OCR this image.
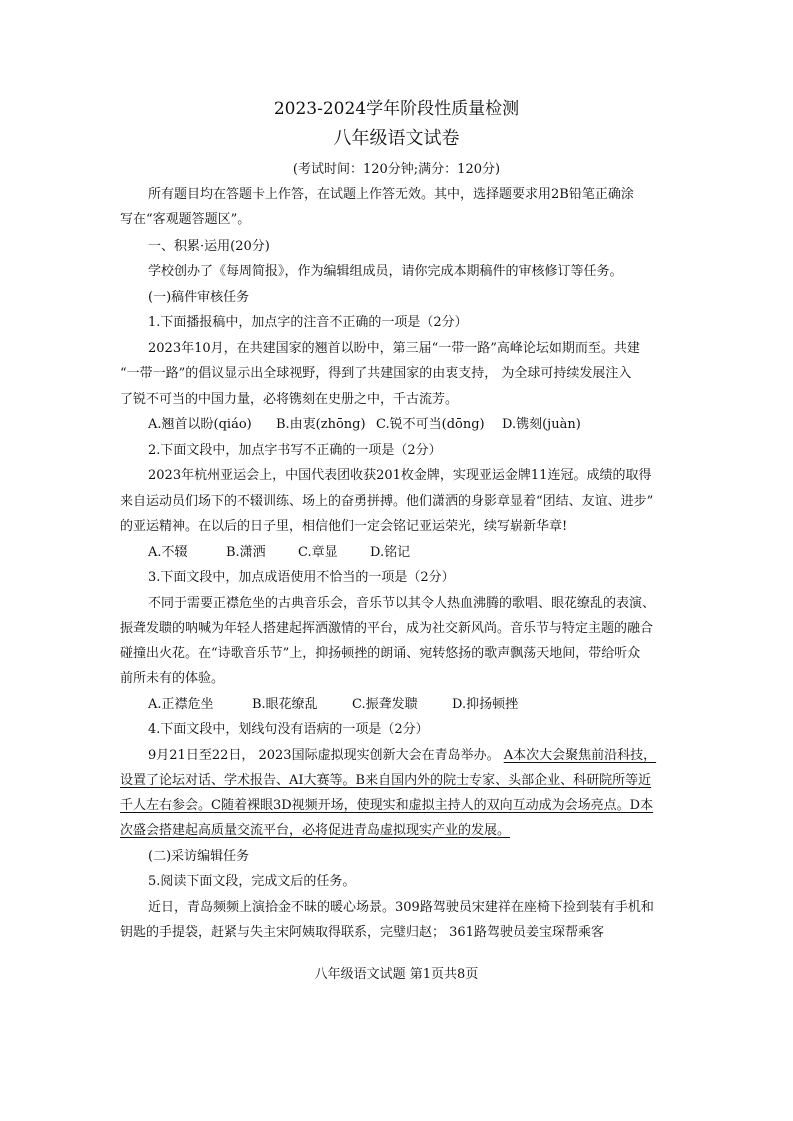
2023-2024学年阶段性质量检测
八年级语文试卷
(考试时间：120分钟;满分：120分)
所有题目均在答题卡上作答，在试题上作答无效。其中，选择题要求用2B铅笔正确涂
写在“客观题答题区”。
一、积累·运用(20分)
学校创办了《每周简报》，作为编辑组成员，请你完成本期稿件的审核修订等任务。
(一)稿件审核任务
1.下面播报稿中，加点字的注音不正确的一项是（2分）
2023年10月，在共建国家的翘首以盼中，第三届“一带一路”高峰论坛如期而至。共建
“一带一路”的倡议显示出全球视野，得到了共建国家的由衷支持， 为全球可持续发展注入
了锐不可当的中国力量，必将镌刻在史册之中，千古流芳。
A.翘首以盼(qiáo) B.由衷(zhōng) C.锐不可当(dōng) D.镌刻(juàn)
2.下面文段中，加点字书写不正确的一项是（2分）
2023年杭州亚运会上，中国代表团收获201枚金牌，实现亚运金牌11连冠。成绩的取得
来自运动员们场下的不辍训练、场上的奋勇拼搏。他们潇洒的身影章显着“团结、友谊、进步”
的亚运精神。在以后的日子里，相信他们一定会铭记亚运荣光，续写崭新华章!
A.不辍	B.潇洒 C.章显 D.铭记
3.下面文段中，加点成语使用不恰当的一项是（2分）
不同于需要正襟危坐的古典音乐会，音乐节以其令人热血沸腾的歌唱、眼花缭乱的表演、
振聋发聩的呐喊为年轻人搭建起挥洒激情的平台，成为社交新风尚。音乐节与特定主题的融合
碰撞出火花。在“诗歌音乐节”上，抑扬顿挫的朗诵、宛转悠扬的歌声飘荡天地间，带给听众
前所未有的体验。
A.正襟危坐	B.眼花缭乱	C.振聋发聩	D.抑扬顿挫
4.下面文段中，划线句没有语病的一项是（2分）
9月21日至22日， 2023国际虚拟现实创新大会在青岛举办。 A本次大会聚焦前沿科技，
设置了论坛对话、学术报告、AI大赛等。B来自国内外的院士专家、头部企业、科研院所等近
千人左右参会。C随着裸眼3D视频开场，使现实和虚拟主持人的双向互动成为会场亮点。D本
次盛会搭建起高质量交流平台，必将促进青岛虚拟现实产业的发展。
(二)采访编辑任务
5.阅读下面文段，完成文后的任务。
近日，青岛频频上演拾金不昧的暖心场景。309路驾驶员宋建祥在座椅下捡到装有手机和
钥匙的手提袋，赶紧与失主宋阿姨取得联系，完璧归赵； 361路驾驶员姜宝琛帮乘客
八年级语文试题 第1页共8页
